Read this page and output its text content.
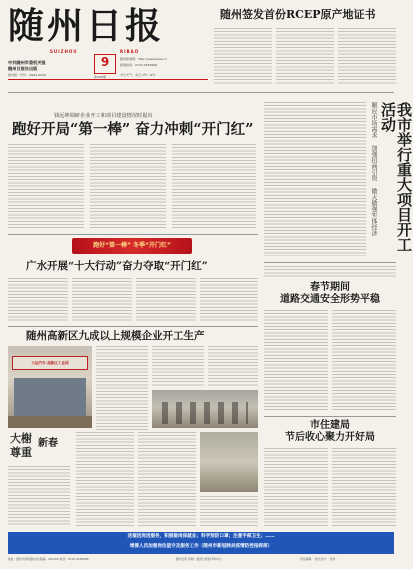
随州日报
SUIZHOU	RIBAO
9
中共随州市委机关报
随州日报社出版
国内统一刊号：CN42-0040
第7693期
随州新闻网：http://www.szxw.cn
新闻热线：0722-3255666
今日天气：多云 1℃～9℃
随州签发首份RCEP原产地证书
钱远坤调研企业开工和项目建设情况时提出
跑好开局“第一棒” 奋力冲刺“开门红”	顺应市场需求 加强招商引资 做大做强实体经济	我市举行重大项目开工活动
跑好“第一棒” 冬季“开门红”
广水开展“十大行动”奋力夺取“开门红”
随州高新区九成以上规模企业开工生产
大运汽车·高新区工业园
大榭
尊重
新春
春节期间
道路交通安全形势平稳
市住建局
节后收心聚力开好局
送福送岗送服务，积极稳岗保就业；科学预防口罩；注意手部卫生；……
增援人员加强岗位值守及服务工作（随州市新冠肺炎疫情防控指挥部）
地址：随州市清河路东段 邮编：441300 电话：0722-3255666	随州日报 印刷：随州日报社印务中心	责任编辑： 版式设计： 校对：
